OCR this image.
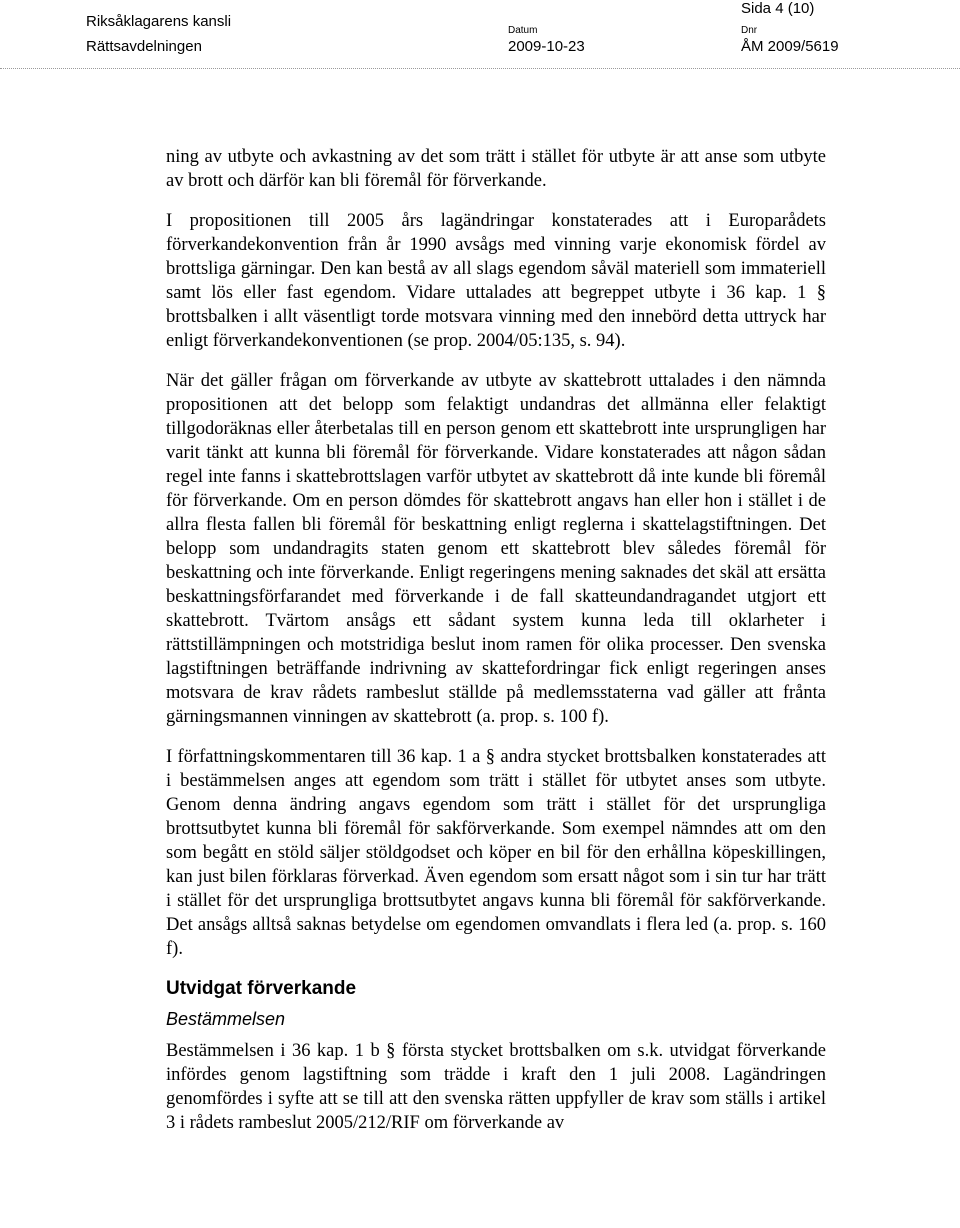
Riksåklagarens kansli
Rättsavdelningen
Datum
2009-10-23
Dnr
ÅM 2009/5619
Sida 4 (10)

ning av utbyte och avkastning av det som trätt i stället för utbyte är att anse som utbyte av brott och därför kan bli föremål för förverkande.

I propositionen till 2005 års lagändringar konstaterades att i Europarådets förverkandekonvention från år 1990 avsågs med vinning varje ekonomisk fördel av brottsliga gärningar. Den kan bestå av all slags egendom såväl materiell som immateriell samt lös eller fast egendom. Vidare uttalades att begreppet utbyte i 36 kap. 1 § brottsbalken i allt väsentligt torde motsvara vinning med den innebörd detta uttryck har enligt förverkandekonventionen (se prop. 2004/05:135, s. 94).

När det gäller frågan om förverkande av utbyte av skattebrott uttalades i den nämnda propositionen att det belopp som felaktigt undandras det allmänna eller felaktigt tillgodoräknas eller återbetalas till en person genom ett skattebrott inte ursprungligen har varit tänkt att kunna bli föremål för förverkande. Vidare konstaterades att någon sådan regel inte fanns i skattebrottslagen varför utbytet av skattebrott då inte kunde bli föremål för förverkande. Om en person dömdes för skattebrott angavs han eller hon i stället i de allra flesta fallen bli föremål för beskattning enligt reglerna i skattelagstiftningen. Det belopp som undandragits staten genom ett skattebrott blev således föremål för beskattning och inte förverkande. Enligt regeringens mening saknades det skäl att ersätta beskattningsförfarandet med förverkande i de fall skatteundandragandet utgjort ett skattebrott. Tvärtom ansågs ett sådant system kunna leda till oklarheter i rättstillämpningen och motstridiga beslut inom ramen för olika processer. Den svenska lagstiftningen beträffande indrivning av skattefordringar fick enligt regeringen anses motsvara de krav rådets rambeslut ställde på medlemsstaterna vad gäller att fråntа gärningsmannen vinningen av skattebrott (a. prop. s. 100 f).

I författningskommentaren till 36 kap. 1 a § andra stycket brottsbalken konstaterades att i bestämmelsen anges att egendom som trätt i stället för utbytet anses som utbyte. Genom denna ändring angavs egendom som trätt i stället för det ursprungliga brottsutbytet kunna bli föremål för sakförverkande. Som exempel nämndes att om den som begått en stöld säljer stöldgodset och köper en bil för den erhållna köpeskillingen, kan just bilen förklaras förverkad. Även egendom som ersatt något som i sin tur har trätt i stället för det ursprungliga brottsutbytet angavs kunna bli föremål för sakförverkande. Det ansågs alltså saknas betydelse om egendomen omvandlats i flera led (a. prop. s. 160 f).

Utvidgat förverkande
Bestämmelsen

Bestämmelsen i 36 kap. 1 b § första stycket brottsbalken om s.k. utvidgat förverkande infördes genom lagstiftning som trädde i kraft den 1 juli 2008. Lagändringen genomfördes i syfte att se till att den svenska rätten uppfyller de krav som ställs i artikel 3 i rådets rambeslut 2005/212/RIF om förverkande av
